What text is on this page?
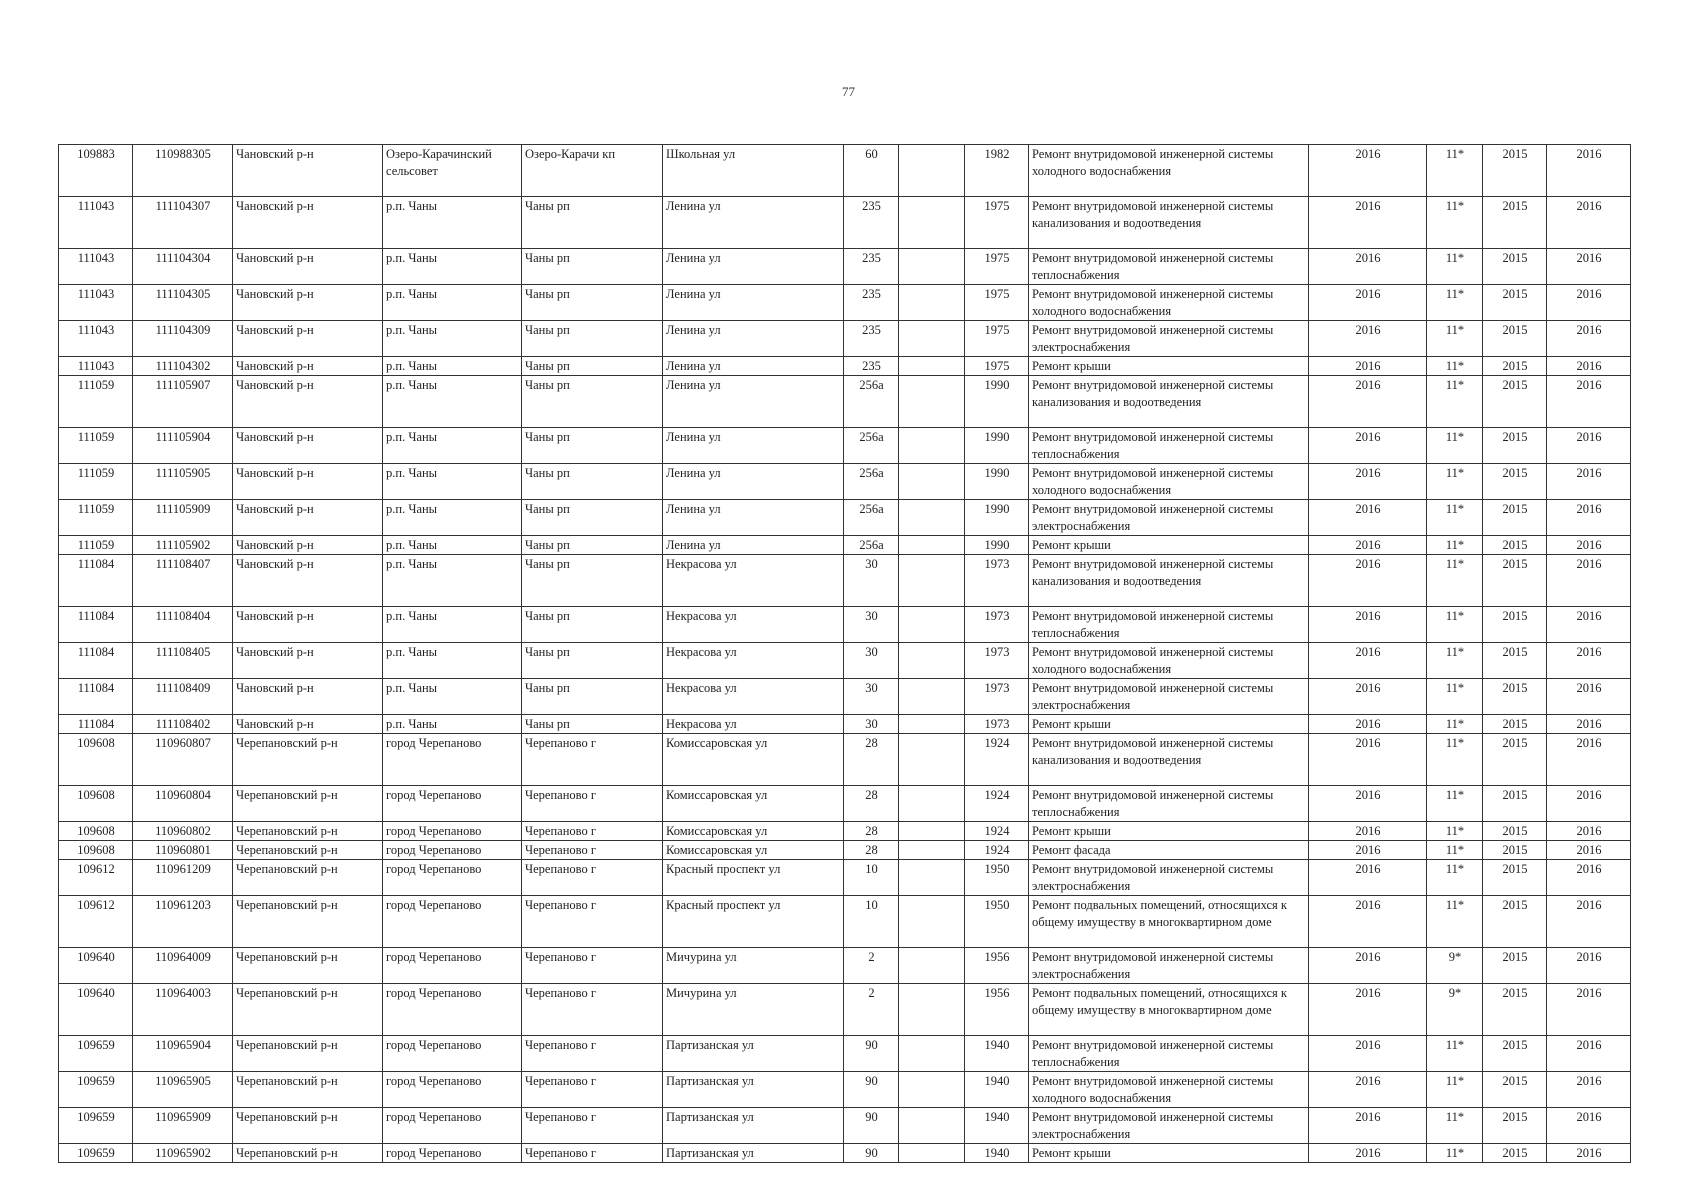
77
109883	110988305	Чановский р-н	Озеро-Карачинский сельсовет	Озеро-Карачи кп	Школьная ул	60		1982	Ремонт внутридомовой инженерной системы холодного водоснабжения	2016	11*	2015	2016
111043	111104307	Чановский р-н	р.п. Чаны	Чаны рп	Ленина ул	235		1975	Ремонт внутридомовой инженерной системы канализования и водоотведения	2016	11*	2015	2016
111043	111104304	Чановский р-н	р.п. Чаны	Чаны рп	Ленина ул	235		1975	Ремонт внутридомовой инженерной системы теплоснабжения	2016	11*	2015	2016
111043	111104305	Чановский р-н	р.п. Чаны	Чаны рп	Ленина ул	235		1975	Ремонт внутридомовой инженерной системы холодного водоснабжения	2016	11*	2015	2016
111043	111104309	Чановский р-н	р.п. Чаны	Чаны рп	Ленина ул	235		1975	Ремонт внутридомовой инженерной системы электроснабжения	2016	11*	2015	2016
111043	111104302	Чановский р-н	р.п. Чаны	Чаны рп	Ленина ул	235		1975	Ремонт крыши	2016	11*	2015	2016
111059	111105907	Чановский р-н	р.п. Чаны	Чаны рп	Ленина ул	256а		1990	Ремонт внутридомовой инженерной системы канализования и водоотведения	2016	11*	2015	2016
111059	111105904	Чановский р-н	р.п. Чаны	Чаны рп	Ленина ул	256а		1990	Ремонт внутридомовой инженерной системы теплоснабжения	2016	11*	2015	2016
111059	111105905	Чановский р-н	р.п. Чаны	Чаны рп	Ленина ул	256а		1990	Ремонт внутридомовой инженерной системы холодного водоснабжения	2016	11*	2015	2016
111059	111105909	Чановский р-н	р.п. Чаны	Чаны рп	Ленина ул	256а		1990	Ремонт внутридомовой инженерной системы электроснабжения	2016	11*	2015	2016
111059	111105902	Чановский р-н	р.п. Чаны	Чаны рп	Ленина ул	256а		1990	Ремонт крыши	2016	11*	2015	2016
111084	111108407	Чановский р-н	р.п. Чаны	Чаны рп	Некрасова ул	30		1973	Ремонт внутридомовой инженерной системы канализования и водоотведения	2016	11*	2015	2016
111084	111108404	Чановский р-н	р.п. Чаны	Чаны рп	Некрасова ул	30		1973	Ремонт внутридомовой инженерной системы теплоснабжения	2016	11*	2015	2016
111084	111108405	Чановский р-н	р.п. Чаны	Чаны рп	Некрасова ул	30		1973	Ремонт внутридомовой инженерной системы холодного водоснабжения	2016	11*	2015	2016
111084	111108409	Чановский р-н	р.п. Чаны	Чаны рп	Некрасова ул	30		1973	Ремонт внутридомовой инженерной системы электроснабжения	2016	11*	2015	2016
111084	111108402	Чановский р-н	р.п. Чаны	Чаны рп	Некрасова ул	30		1973	Ремонт крыши	2016	11*	2015	2016
109608	110960807	Черепановский р-н	город Черепаново	Черепаново г	Комиссаровская ул	28		1924	Ремонт внутридомовой инженерной системы канализования и водоотведения	2016	11*	2015	2016
109608	110960804	Черепановский р-н	город Черепаново	Черепаново г	Комиссаровская ул	28		1924	Ремонт внутридомовой инженерной системы теплоснабжения	2016	11*	2015	2016
109608	110960802	Черепановский р-н	город Черепаново	Черепаново г	Комиссаровская ул	28		1924	Ремонт крыши	2016	11*	2015	2016
109608	110960801	Черепановский р-н	город Черепаново	Черепаново г	Комиссаровская ул	28		1924	Ремонт фасада	2016	11*	2015	2016
109612	110961209	Черепановский р-н	город Черепаново	Черепаново г	Красный проспект ул	10		1950	Ремонт внутридомовой инженерной системы электроснабжения	2016	11*	2015	2016
109612	110961203	Черепановский р-н	город Черепаново	Черепаново г	Красный проспект ул	10		1950	Ремонт подвальных помещений, относящихся к общему имуществу в многоквартирном доме	2016	11*	2015	2016
109640	110964009	Черепановский р-н	город Черепаново	Черепаново г	Мичурина ул	2		1956	Ремонт внутридомовой инженерной системы электроснабжения	2016	9*	2015	2016
109640	110964003	Черепановский р-н	город Черепаново	Черепаново г	Мичурина ул	2		1956	Ремонт подвальных помещений, относящихся к общему имуществу в многоквартирном доме	2016	9*	2015	2016
109659	110965904	Черепановский р-н	город Черепаново	Черепаново г	Партизанская ул	90		1940	Ремонт внутридомовой инженерной системы теплоснабжения	2016	11*	2015	2016
109659	110965905	Черепановский р-н	город Черепаново	Черепаново г	Партизанская ул	90		1940	Ремонт внутридомовой инженерной системы холодного водоснабжения	2016	11*	2015	2016
109659	110965909	Черепановский р-н	город Черепаново	Черепаново г	Партизанская ул	90		1940	Ремонт внутридомовой инженерной системы электроснабжения	2016	11*	2015	2016
109659	110965902	Черепановский р-н	город Черепаново	Черепаново г	Партизанская ул	90		1940	Ремонт крыши	2016	11*	2015	2016
